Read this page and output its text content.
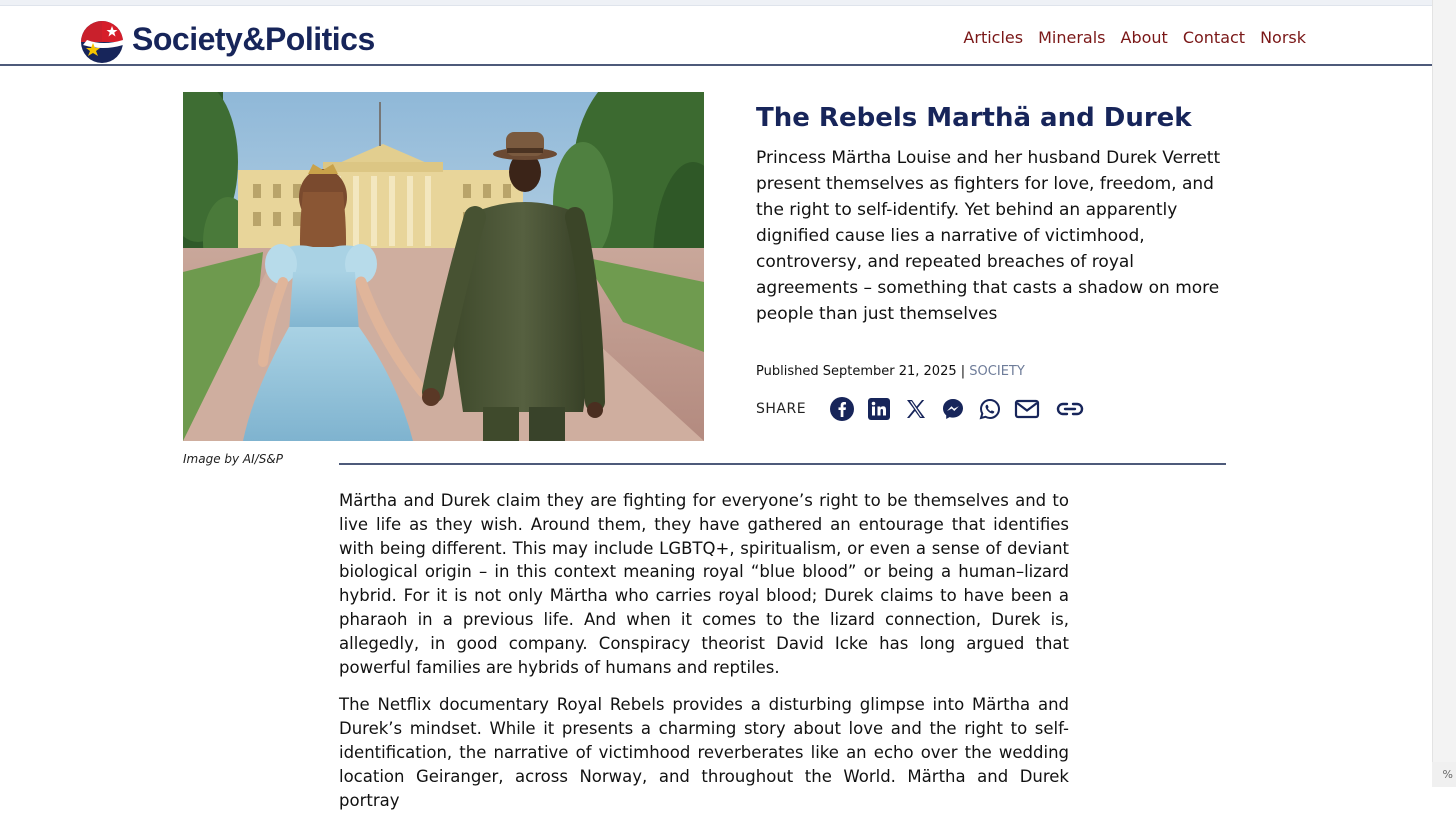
Society&Politics	Articles Minerals About Contact Norsk
Image by AI/S&P
The Rebels Marthä and Durek

Princess Märtha Louise and her husband Durek Verrett present themselves as fighters for love, freedom, and the right to self-identify. Yet behind an apparently dignified cause lies a narrative of victimhood, controversy, and repeated breaches of royal agreements – something that casts a shadow on more people than just themselves

Published September 21, 2025 | SOCIETY
SHARE

Märtha and Durek claim they are fighting for everyone’s right to be themselves and to live life as they wish. Around them, they have gathered an entourage that identifies with being different. This may include LGBTQ+, spiritualism, or even a sense of deviant biological origin – in this context meaning royal “blue blood” or being a human–lizard hybrid. For it is not only Märtha who carries royal blood; Durek claims to have been a pharaoh in a previous life. And when it comes to the lizard connection, Durek is, allegedly, in good company. Conspiracy theorist David Icke has long argued that powerful families are hybrids of humans and reptiles.

The Netflix documentary Royal Rebels provides a disturbing glimpse into Märtha and Durek’s mindset. While it presents a charming story about love and the right to self-identification, the narrative of victimhood reverberates like an echo over the wedding location Geiranger, across Norway, and throughout the World. Märtha and Durek portray

%
